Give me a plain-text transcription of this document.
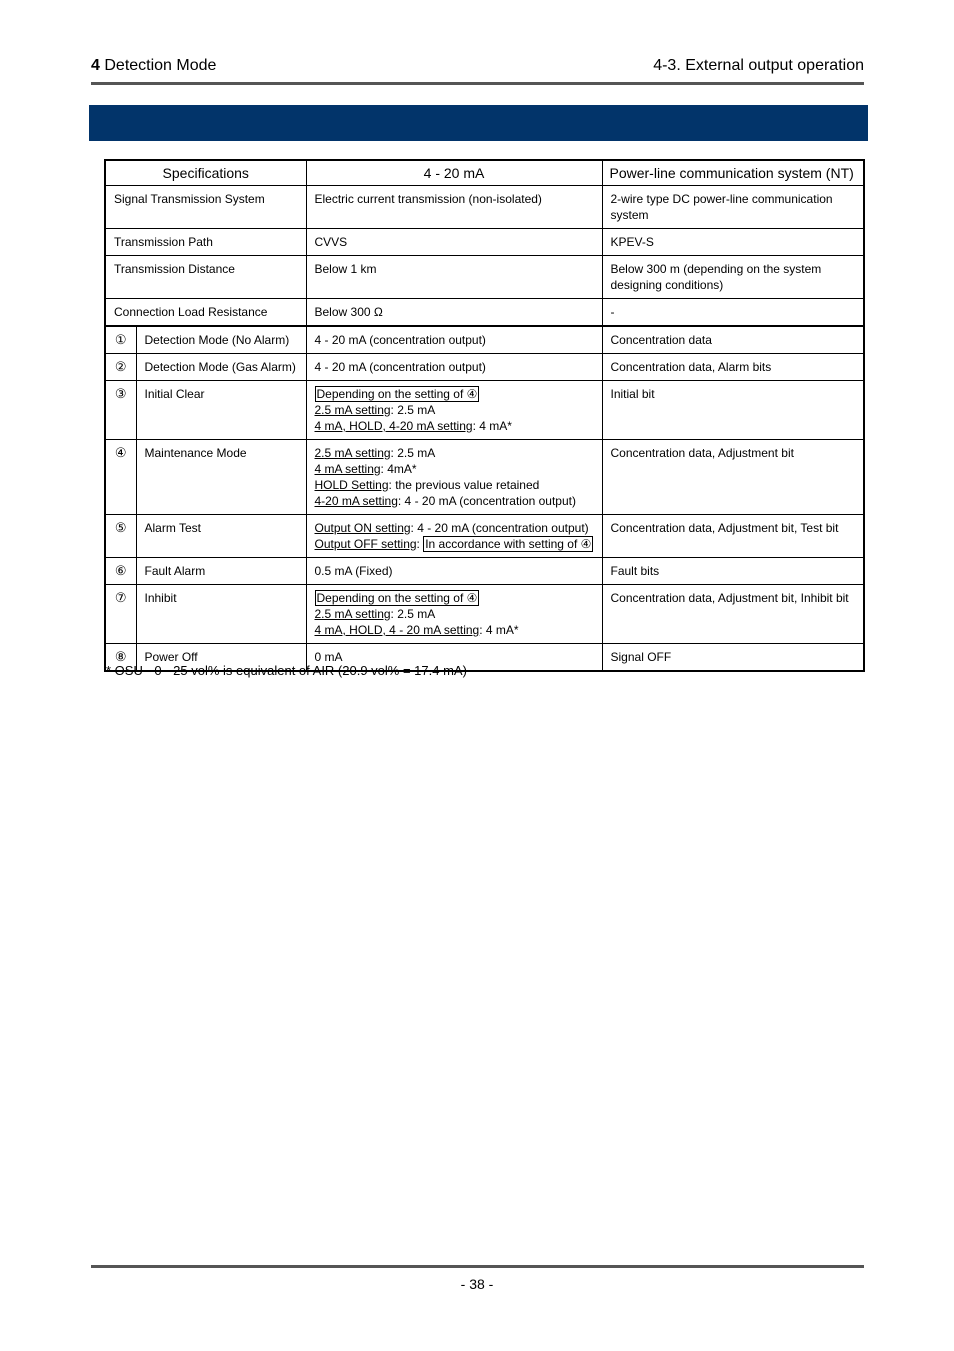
4 Detection Mode	4-3. External output operation
Specifications		4 - 20 mA	Power-line communication system (NT)
Signal Transmission System		Electric current transmission (non-isolated)	2-wire type DC power-line communication system
Transmission Path		CVVS	KPEV-S
Transmission Distance		Below 1 km	Below 300 m (depending on the system designing conditions)
Connection Load Resistance		Below 300 Ω	-
①	Detection Mode (No Alarm)	4 - 20 mA (concentration output)	Concentration data
②	Detection Mode (Gas Alarm)	4 - 20 mA (concentration output)	Concentration data, Alarm bits
③	Initial Clear	Depending on the setting of ④
2.5 mA setting: 2.5 mA
4 mA, HOLD, 4-20 mA setting: 4 mA*	Initial bit
④	Maintenance Mode	2.5 mA setting: 2.5 mA
4 mA setting: 4mA*
HOLD Setting: the previous value retained
4-20 mA setting: 4 - 20 mA (concentration output)	Concentration data, Adjustment bit
⑤	Alarm Test	Output ON setting: 4 - 20 mA (concentration output)
Output OFF setting: In accordance with setting of ④	Concentration data, Adjustment bit, Test bit
⑥	Fault Alarm	0.5 mA (Fixed)	Fault bits
⑦	Inhibit	Depending on the setting of ④
2.5 mA setting: 2.5 mA
4 mA, HOLD, 4 - 20 mA setting: 4 mA*	Concentration data, Adjustment bit, Inhibit bit
⑧	Power Off	0 mA	Signal OFF
* OSU - 0 - 25 vol% is equivalent of AIR (20.9 vol% = 17.4 mA)
- 38 -
